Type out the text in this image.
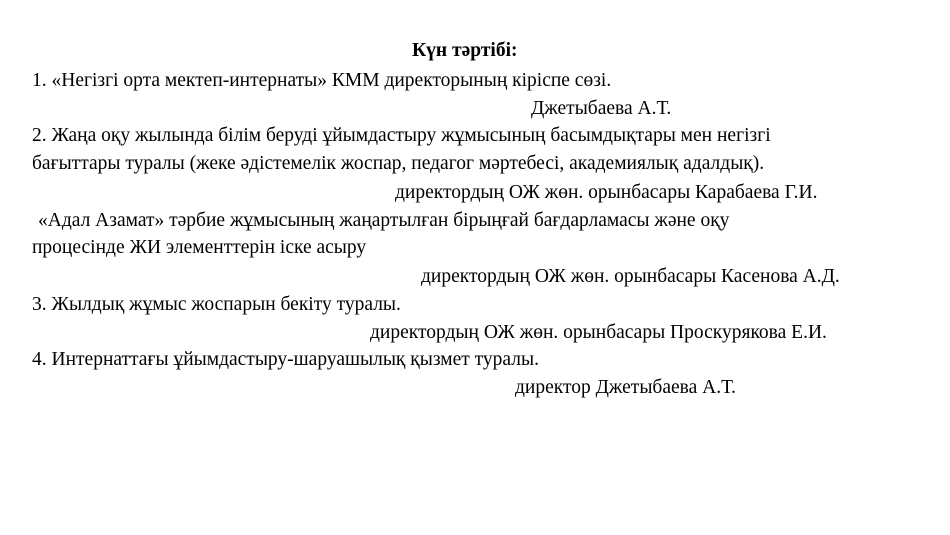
Күн тәртібі:
1. «Негізгі орта мектеп-интернаты» КММ директорының кіріспе сөзі.
Джетыбаева А.Т.
2. Жаңа оқу жылында білім беруді ұйымдастыру жұмысының басымдықтары мен негізгі
бағыттары туралы (жеке әдістемелік жоспар, педагог мәртебесі, академиялық адалдық).
директордың ОЖ жөн. орынбасары Карабаева Г.И.
«Адал Азамат» тәрбие жұмысының жаңартылған бірыңғай бағдарламасы және оқу
процесінде ЖИ элементтерін іске асыру
директордың ОЖ жөн. орынбасары Касенова А.Д.
3. Жылдық жұмыс жоспарын бекіту туралы.
директордың ОЖ жөн. орынбасары Проскурякова Е.И.
4. Интернаттағы ұйымдастыру-шаруашылық қызмет туралы.
директор Джетыбаева А.Т.
